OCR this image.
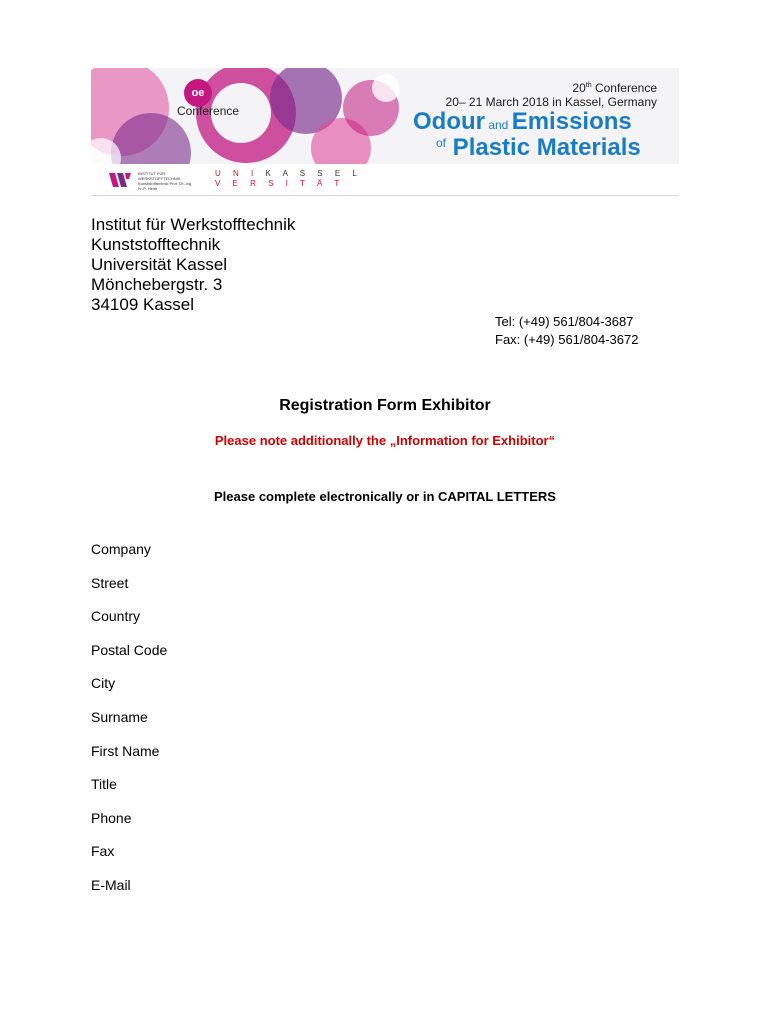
oe
Conference
20th Conference
20– 21 March 2018 in Kassel, Germany
Odour and Emissions
$^{of}$ Plastic Materials
INSTITUT FÜR WERKSTOFFTECHNIK Kunststofftechnik Prof. Dr.-Ing. H.-P. Heim
U N I K A S S E L
V E R S I T Ä T
Institut für Werkstofftechnik
Kunststofftechnik
Universität Kassel
Mönchebergstr. 3
34109 Kassel
Tel: (+49) 561/804-3687
Fax: (+49) 561/804-3672
Registration Form Exhibitor
Please note additionally the „Information for Exhibitor“
Please complete electronically or in CAPITAL LETTERS
Company
Street
Country
Postal Code
City
Surname
First Name
Title
Phone
Fax
E-Mail
